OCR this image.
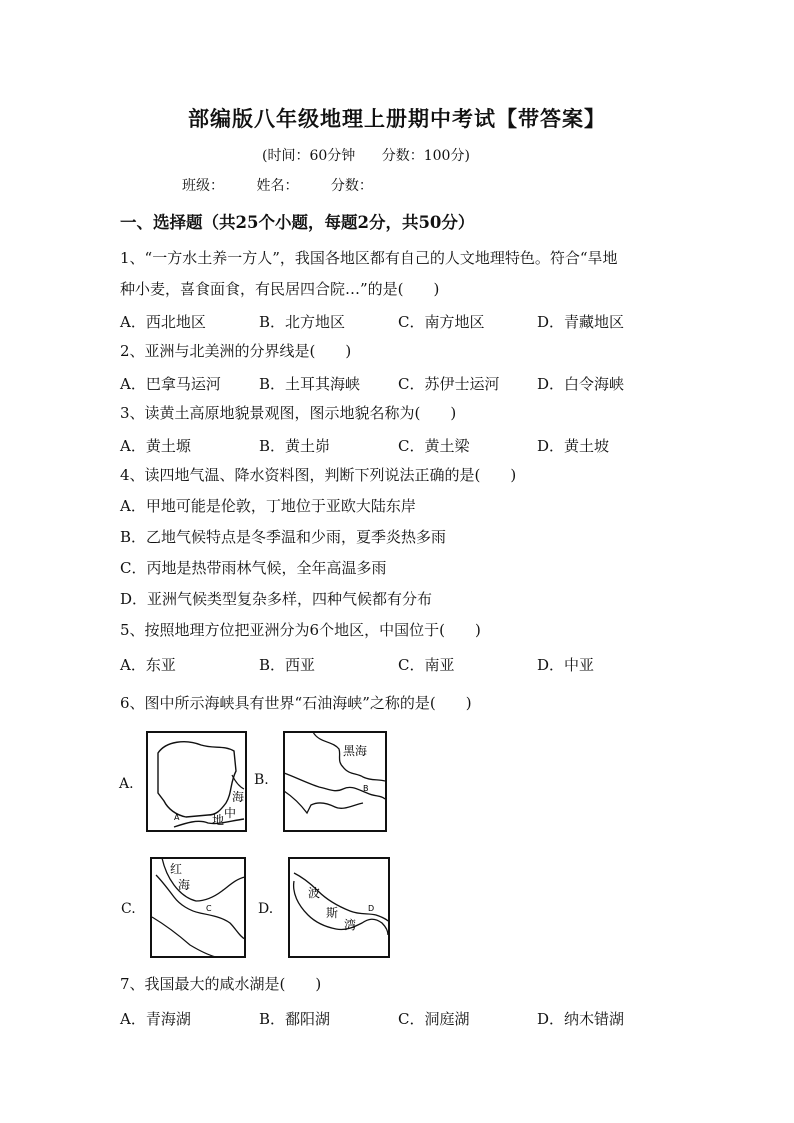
部编版八年级地理上册期中考试【带答案】
(时间：60分钟 分数：100分)
班级： 姓名： 分数：
一、选择题（共25个小题，每题2分，共50分）
1、“一方水土养一方人”，我国各地区都有自己的人文地理特色。符合“旱地
种小麦，喜食面食，有民居四合院…”的是(　　)
A．西北地区	B．北方地区	C．南方地区	D．青藏地区
2、亚洲与北美洲的分界线是(　　)
A．巴拿马运河	B．土耳其海峡	C．苏伊士运河	D．白令海峡
3、读黄土高原地貌景观图，图示地貌名称为(　　)
A．黄土塬	B．黄土峁	C．黄土梁	D．黄土坡
4、读四地气温、降水资料图，判断下列说法正确的是(　　)
A．甲地可能是伦敦，丁地位于亚欧大陆东岸
B．乙地气候特点是冬季温和少雨，夏季炎热多雨
C．丙地是热带雨林气候，全年高温多雨
D．亚洲气候类型复杂多样，四种气候都有分布
5、按照地理方位把亚洲分为6个地区，中国位于(　　)
A．东亚	B．西亚	C．南亚	D．中亚
6、图中所示海峡具有世界“石油海峡”之称的是(　　)
A.	B.
C.	D.
海
中
地
A
黑海
B
红
海
C
波
斯
湾
D
7、我国最大的咸水湖是(　　)
A．青海湖	B．鄱阳湖	C．洞庭湖	D．纳木错湖
